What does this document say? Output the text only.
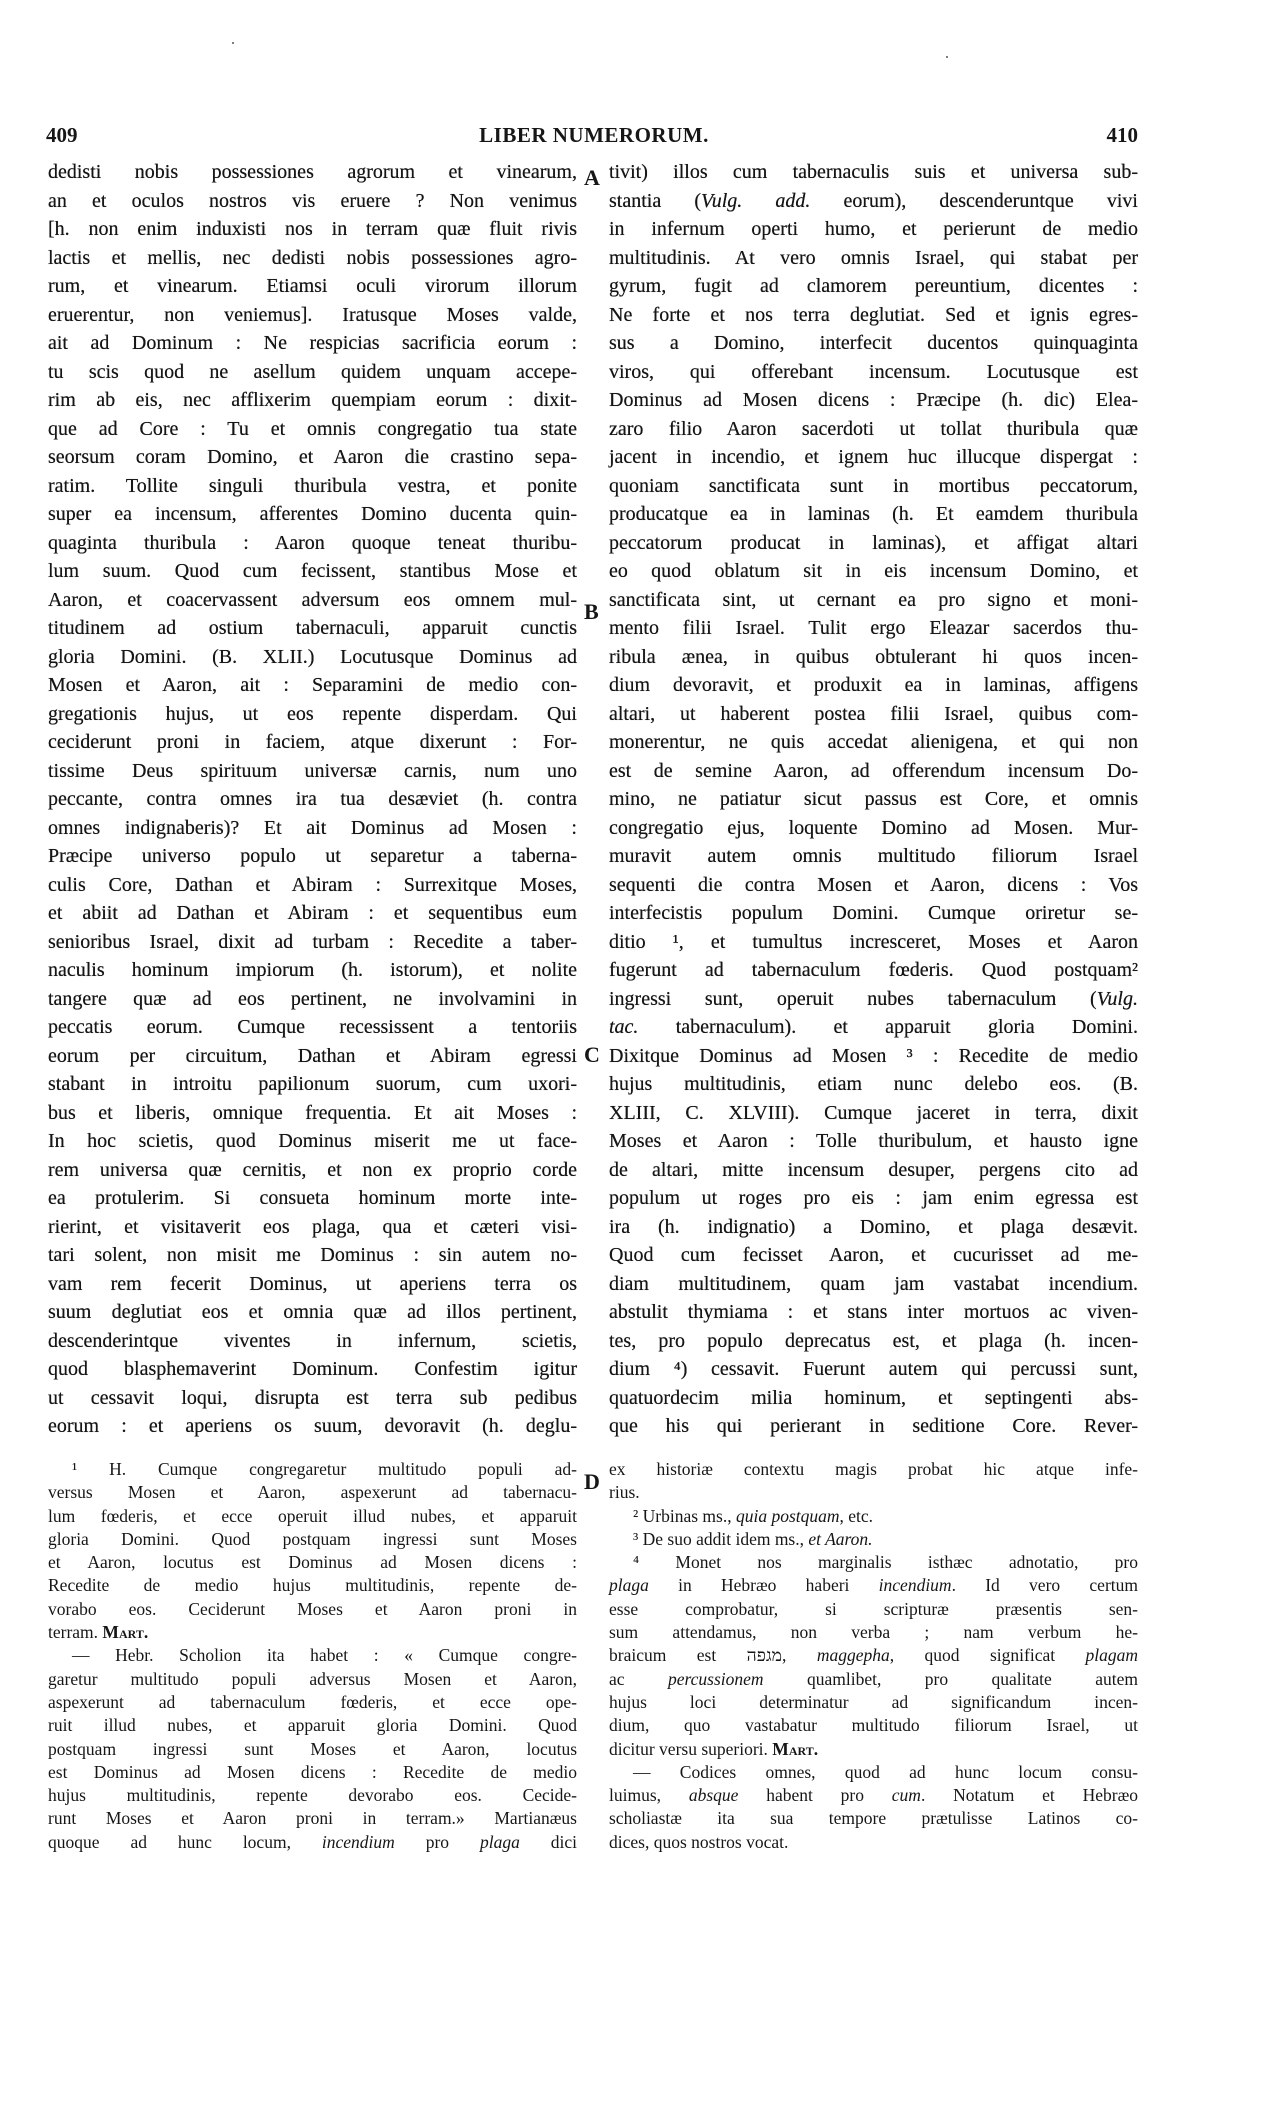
409	LIBER NUMERORUM.	410
dedisti nobis possessiones agrorum et vinearum,
an et oculos nostros vis eruere ? Non venimus
[h. non enim induxisti nos in terram quæ fluit rivis
lactis et mellis, nec dedisti nobis possessiones agro-
rum, et vinearum. Etiamsi oculi virorum illorum
eruerentur, non veniemus]. Iratusque Moses valde,
ait ad Dominum : Ne respicias sacrificia eorum :
tu scis quod ne asellum quidem unquam accepe-
rim ab eis, nec afflixerim quempiam eorum : dixit-
que ad Core : Tu et omnis congregatio tua state
seorsum coram Domino, et Aaron die crastino sepa-
ratim. Tollite singuli thuribula vestra, et ponite
super ea incensum, afferentes Domino ducenta quin-
quaginta thuribula : Aaron quoque teneat thuribu-
lum suum. Quod cum fecissent, stantibus Mose et
Aaron, et coacervassent adversum eos omnem mul-
titudinem ad ostium tabernaculi, apparuit cunctis
gloria Domini. (B. XLII.) Locutusque Dominus ad
Mosen et Aaron, ait : Separamini de medio con-
gregationis hujus, ut eos repente disperdam. Qui
ceciderunt proni in faciem, atque dixerunt : For-
tissime Deus spirituum universæ carnis, num uno
peccante, contra omnes ira tua desæviet (h. contra
omnes indignaberis)? Et ait Dominus ad Mosen :
Præcipe universo populo ut separetur a taberna-
culis Core, Dathan et Abiram : Surrexitque Moses,
et abiit ad Dathan et Abiram : et sequentibus eum
senioribus Israel, dixit ad turbam : Recedite a taber-
naculis hominum impiorum (h. istorum), et nolite
tangere quæ ad eos pertinent, ne involvamini in
peccatis eorum. Cumque recessissent a tentoriis
eorum per circuitum, Dathan et Abiram egressi
stabant in introitu papilionum suorum, cum uxori-
bus et liberis, omnique frequentia. Et ait Moses :
In hoc scietis, quod Dominus miserit me ut face-
rem universa quæ cernitis, et non ex proprio corde
ea protulerim. Si consueta hominum morte inte-
rierint, et visitaverit eos plaga, qua et cæteri visi-
tari solent, non misit me Dominus : sin autem no-
vam rem fecerit Dominus, ut aperiens terra os
suum deglutiat eos et omnia quæ ad illos pertinent,
descenderintque viventes in infernum, scietis,
quod blasphemaverint Dominum. Confestim igitur
ut cessavit loqui, disrupta est terra sub pedibus
eorum : et aperiens os suum, devoravit (h. deglu-
tivit) illos cum tabernaculis suis et universa sub-
stantia (Vulg. add. eorum), descenderuntque vivi
in infernum operti humo, et perierunt de medio
multitudinis. At vero omnis Israel, qui stabat per
gyrum, fugit ad clamorem pereuntium, dicentes :
Ne forte et nos terra deglutiat. Sed et ignis egres-
sus a Domino, interfecit ducentos quinquaginta
viros, qui offerebant incensum. Locutusque est
Dominus ad Mosen dicens : Præcipe (h. dic) Elea-
zaro filio Aaron sacerdoti ut tollat thuribula quæ
jacent in incendio, et ignem huc illucque dispergat :
quoniam sanctificata sunt in mortibus peccatorum,
producatque ea in laminas (h. Et eamdem thuribula
peccatorum producat in laminas), et affigat altari
eo quod oblatum sit in eis incensum Domino, et
sanctificata sint, ut cernant ea pro signo et moni-
mento filii Israel. Tulit ergo Eleazar sacerdos thu-
ribula ænea, in quibus obtulerant hi quos incen-
dium devoravit, et produxit ea in laminas, affigens
altari, ut haberent postea filii Israel, quibus com-
monerentur, ne quis accedat alienigena, et qui non
est de semine Aaron, ad offerendum incensum Do-
mino, ne patiatur sicut passus est Core, et omnis
congregatio ejus, loquente Domino ad Mosen. Mur-
muravit autem omnis multitudo filiorum Israel
sequenti die contra Mosen et Aaron, dicens : Vos
interfecistis populum Domini. Cumque oriretur se-
ditio ¹, et tumultus incresceret, Moses et Aaron
fugerunt ad tabernaculum fœderis. Quod postquam²
ingressi sunt, operuit nubes tabernaculum (Vulg.
tac. tabernaculum). et apparuit gloria Domini.
Dixitque Dominus ad Mosen ³ : Recedite de medio
hujus multitudinis, etiam nunc delebo eos. (B.
XLIII, C. XLVIII). Cumque jaceret in terra, dixit
Moses et Aaron : Tolle thuribulum, et hausto igne
de altari, mitte incensum desuper, pergens cito ad
populum ut roges pro eis : jam enim egressa est
ira (h. indignatio) a Domino, et plaga desævit.
Quod cum fecisset Aaron, et cucurisset ad me-
diam multitudinem, quam jam vastabat incendium.
abstulit thymiama : et stans inter mortuos ac viven-
tes, pro populo deprecatus est, et plaga (h. incen-
dium ⁴) cessavit. Fuerunt autem qui percussi sunt,
quatuordecim milia hominum, et septingenti abs-
que his qui perierant in seditione Core. Rever-
A
B
C
D
¹ H. Cumque congregaretur multitudo populi ad-
versus Mosen et Aaron, aspexerunt ad tabernacu-
lum fœderis, et ecce operuit illud nubes, et apparuit
gloria Domini. Quod postquam ingressi sunt Moses
et Aaron, locutus est Dominus ad Mosen dicens :
Recedite de medio hujus multitudinis, repente de-
vorabo eos. Ceciderunt Moses et Aaron proni in
terram. Mart.
— Hebr. Scholion ita habet : « Cumque congre-
garetur multitudo populi adversus Mosen et Aaron,
aspexerunt ad tabernaculum fœderis, et ecce ope-
ruit illud nubes, et apparuit gloria Domini. Quod
postquam ingressi sunt Moses et Aaron, locutus
est Dominus ad Mosen dicens : Recedite de medio
hujus multitudinis, repente devorabo eos. Cecide-
runt Moses et Aaron proni in terram.» Martianæus
quoque ad hunc locum, incendium pro plaga dici
ex historiæ contextu magis probat hic atque infe-
rius.
² Urbinas ms., quia postquam, etc.
³ De suo addit idem ms., et Aaron.
⁴ Monet nos marginalis isthæc adnotatio, pro
plaga in Hebræo haberi incendium. Id vero certum
esse comprobatur, si scripturæ præsentis sen-
sum attendamus, non verba ; nam verbum he-
braicum est מגפה, maggepha, quod significat plagam
ac percussionem quamlibet, pro qualitate autem
hujus loci determinatur ad significandum incen-
dium, quo vastabatur multitudo filiorum Israel, ut
dicitur versu superiori. Mart.
— Codices omnes, quod ad hunc locum consu-
luimus, absque habent pro cum. Notatum et Hebræo
scholiastæ ita sua tempore prætulisse Latinos co-
dices, quos nostros vocat.
